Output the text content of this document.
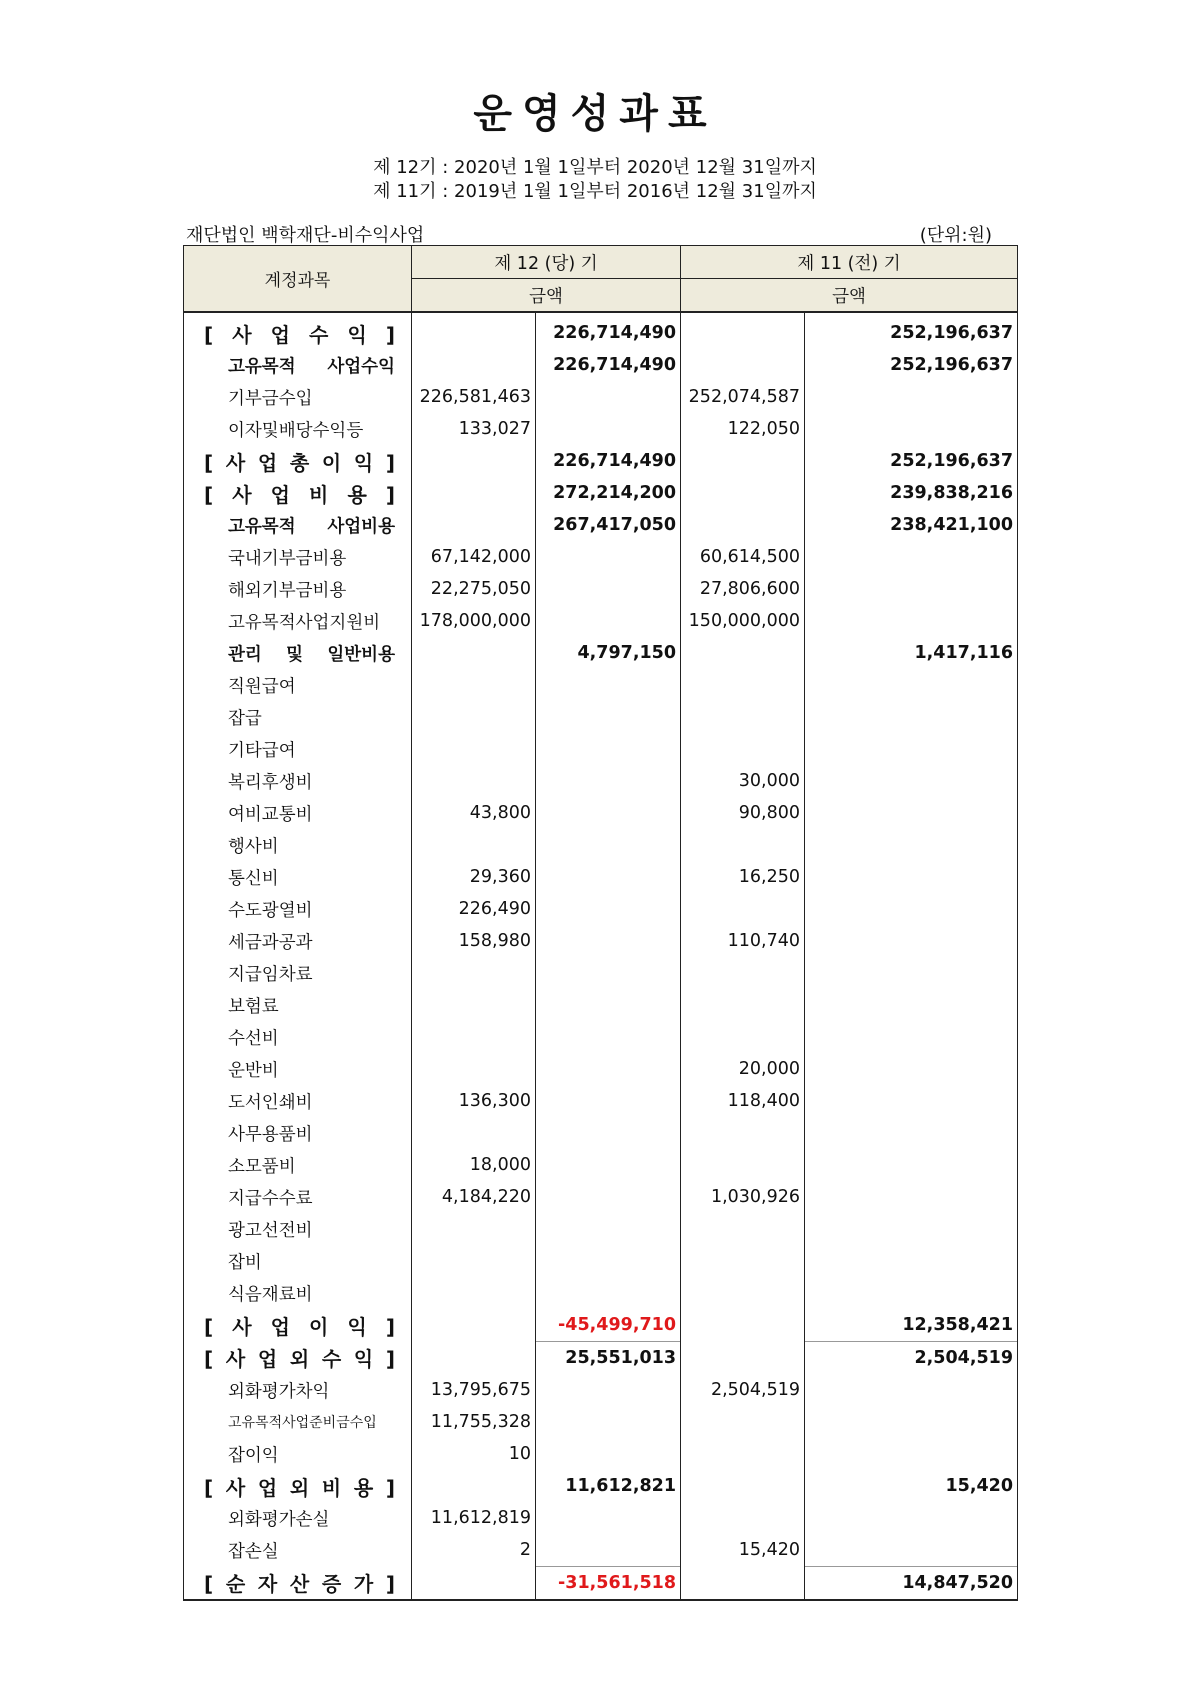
운영성과표
제 12기 : 2020년 1월 1일부터 2020년 12월 31일까지
제 11기 : 2019년 1월 1일부터 2016년 12월 31일까지
재단법인 백학재단-비수익사업	(단위:원)
계정과목	제 12 (당) 기		제 11 (전) 기	
	금액		금액	

[ 사 업 수 익 ]		226,714,490		252,196,637
고유목적 사업수익		226,714,490		252,196,637
기부금수입	226,581,463		252,074,587	
이자및배당수익등	133,027		122,050	
[ 사 업 총 이 익 ]		226,714,490		252,196,637
[ 사 업 비 용 ]		272,214,200		239,838,216
고유목적 사업비용		267,417,050		238,421,100
국내기부금비용	67,142,000		60,614,500	
해외기부금비용	22,275,050		27,806,600	
고유목적사업지원비	178,000,000		150,000,000	
관리 및 일반비용		4,797,150		1,417,116
직원급여				
잡급				
기타급여				
복리후생비			30,000	
여비교통비	43,800		90,800	
행사비				
통신비	29,360		16,250	
수도광열비	226,490			
세금과공과	158,980		110,740	
지급임차료				
보험료				
수선비				
운반비			20,000	
도서인쇄비	136,300		118,400	
사무용품비				
소모품비	18,000			
지급수수료	4,184,220		1,030,926	
광고선전비				
잡비				
식음재료비				
[ 사 업 이 익 ]		-45,499,710		12,358,421
[ 사 업 외 수 익 ]		25,551,013		2,504,519
외화평가차익	13,795,675		2,504,519	
고유목적사업준비금수입	11,755,328			
잡이익	10			
[ 사 업 외 비 용 ]		11,612,821		15,420
외화평가손실	11,612,819			
잡손실	2		15,420	
[ 순 자 산 증 가 ]		-31,561,518		14,847,520
